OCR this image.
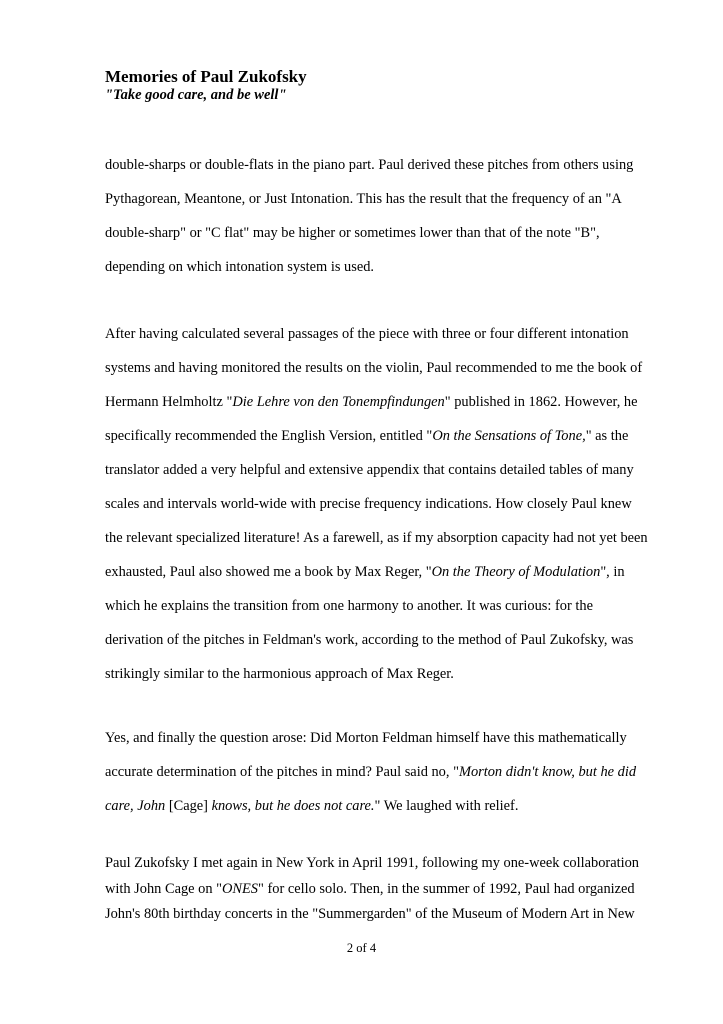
Memories of Paul Zukofsky
"Take good care, and be well"
double-sharps or double-flats in the piano part. Paul derived these pitches from others using
Pythagorean, Meantone, or Just Intonation. This has the result that the frequency of an "A
double-sharp" or "C flat" may be higher or sometimes lower than that of the note "B",
depending on which intonation system is used.
After having calculated several passages of the piece with three or four different intonation
systems and having monitored the results on the violin, Paul recommended to me the book of
Hermann Helmholtz "Die Lehre von den Tonempfindungen" published in 1862. However, he
specifically recommended the English Version, entitled "On the Sensations of Tone," as the
translator added a very helpful and extensive appendix that contains detailed tables of many
scales and intervals world-wide with precise frequency indications. How closely Paul knew
the relevant specialized literature! As a farewell, as if my absorption capacity had not yet been
exhausted, Paul also showed me a book by Max Reger, "On the Theory of Modulation", in
which he explains the transition from one harmony to another. It was curious: for the
derivation of the pitches in Feldman's work, according to the method of Paul Zukofsky, was
strikingly similar to the harmonious approach of Max Reger.
Yes, and finally the question arose: Did Morton Feldman himself have this mathematically
accurate determination of the pitches in mind? Paul said no, "Morton didn't know, but he did
care, John [Cage] knows, but he does not care." We laughed with relief.
Paul Zukofsky I met again in New York in April 1991, following my one-week collaboration
with John Cage on "ONES" for cello solo. Then, in the summer of 1992, Paul had organized
John's 80th birthday concerts in the "Summergarden" of the Museum of Modern Art in New
2 of 4
